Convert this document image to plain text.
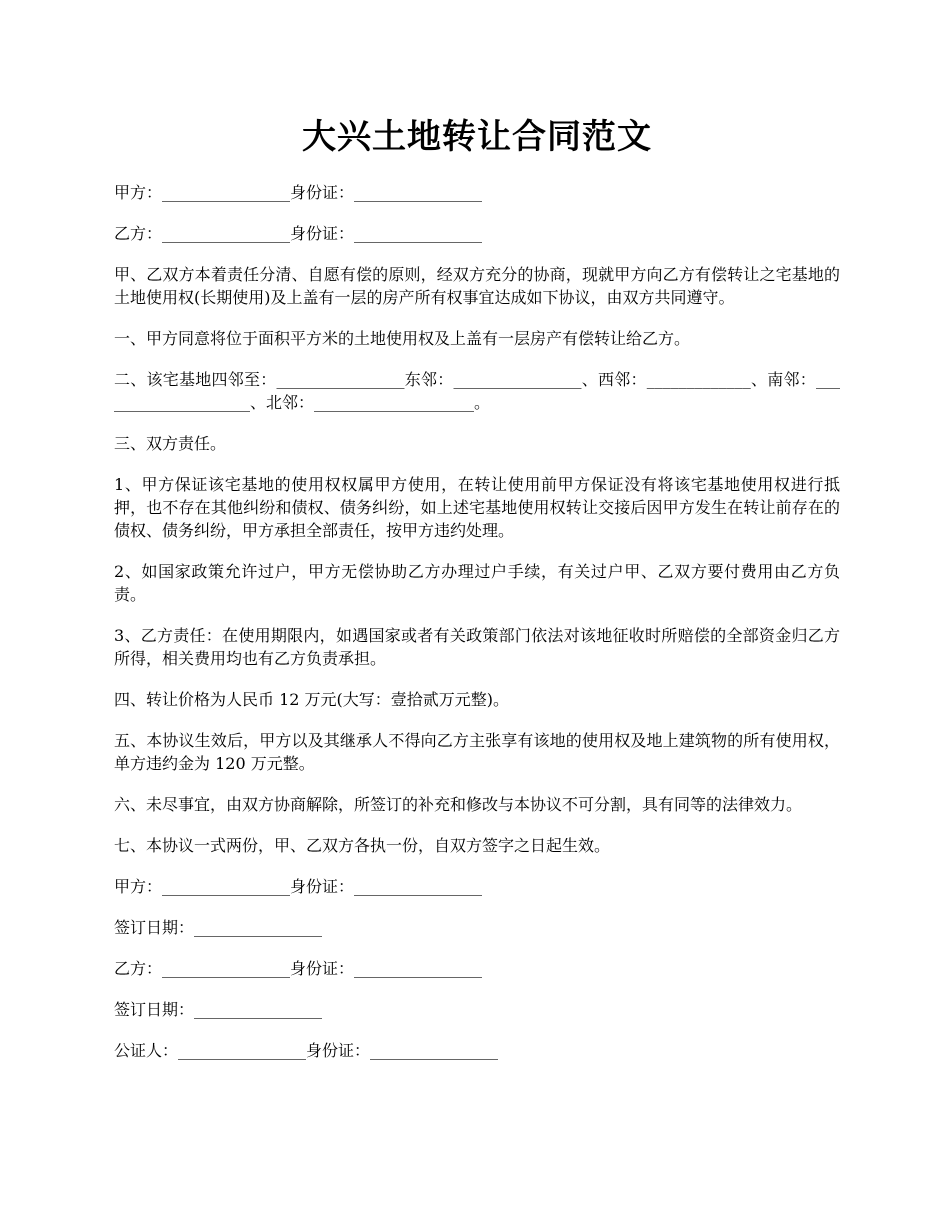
大兴土地转让合同范文

甲方：________________身份证：________________

乙方：________________身份证：________________

甲、乙双方本着责任分清、自愿有偿的原则，经双方充分的协商，现就甲方向乙方有偿转让之宅基地的土地使用权(长期使用)及上盖有一层的房产所有权事宜达成如下协议，由双方共同遵守。

一、甲方同意将位于面积平方米的土地使用权及上盖有一层房产有偿转让给乙方。

二、该宅基地四邻至：________________东邻：________________、西邻：_____________、南邻：____________________、北邻：____________________。

三、双方责任。

1、甲方保证该宅基地的使用权权属甲方使用，在转让使用前甲方保证没有将该宅基地使用权进行抵押，也不存在其他纠纷和债权、债务纠纷，如上述宅基地使用权转让交接后因甲方发生在转让前存在的债权、债务纠纷，甲方承担全部责任，按甲方违约处理。

2、如国家政策允许过户，甲方无偿协助乙方办理过户手续，有关过户甲、乙双方要付费用由乙方负责。

3、乙方责任：在使用期限内，如遇国家或者有关政策部门依法对该地征收时所赔偿的全部资金归乙方所得，相关费用均也有乙方负责承担。

四、转让价格为人民币 12 万元(大写：壹拾贰万元整)。

五、本协议生效后，甲方以及其继承人不得向乙方主张享有该地的使用权及地上建筑物的所有使用权，单方违约金为 120 万元整。

六、未尽事宜，由双方协商解除，所签订的补充和修改与本协议不可分割，具有同等的法律效力。

七、本协议一式两份，甲、乙双方各执一份，自双方签字之日起生效。

甲方：________________身份证：________________

签订日期：________________

乙方：________________身份证：________________

签订日期：________________

公证人：________________身份证：________________
